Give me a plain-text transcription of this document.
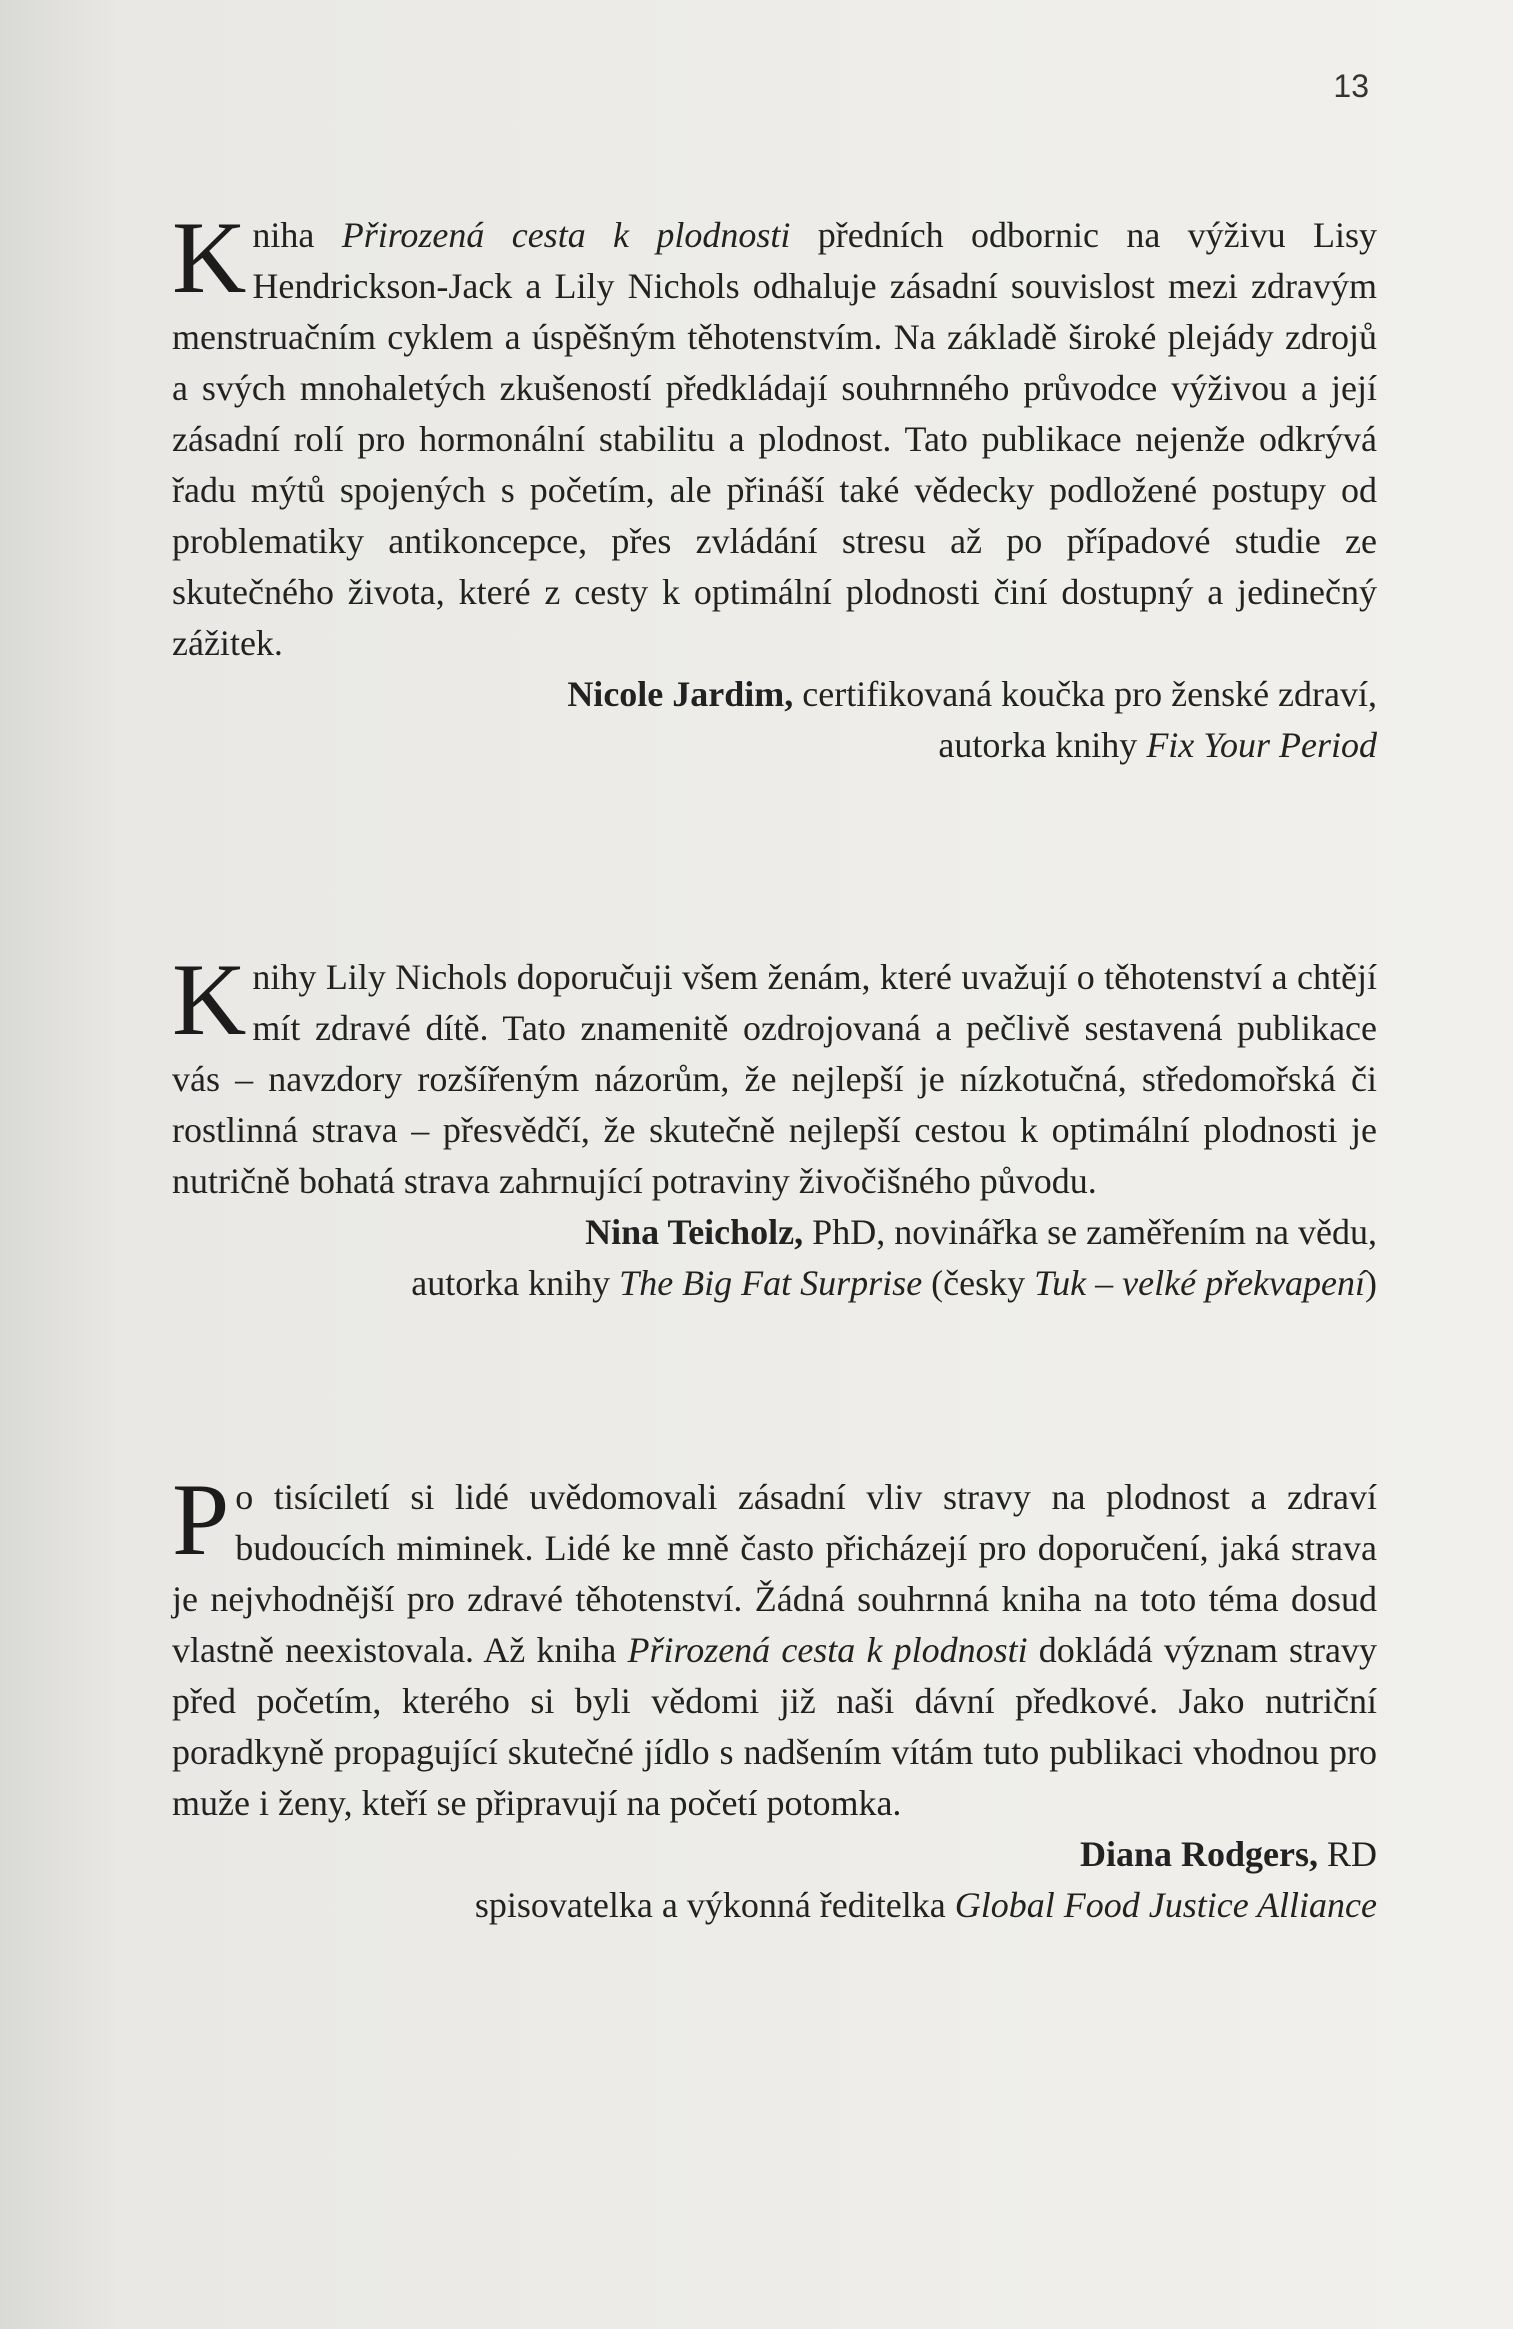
13

Kniha Přirozená cesta k plodnosti předních odbornic na výživu Lisy Hendrickson-Jack a Lily Nichols odhaluje zásadní souvislost mezi zdravým menstruačním cyklem a úspěšným těhotenstvím. Na základě široké plejády zdrojů a svých mnohaletých zkušeností předkládají souhrnného průvodce výživou a její zásadní rolí pro hormonální stabilitu a plodnost. Tato publikace nejenže odkrývá řadu mýtů spojených s početím, ale přináší také vědecky podložené postupy od problematiky antikoncepce, přes zvládání stresu až po případové studie ze skutečného života, které z cesty k optimální plodnosti činí dostupný a jedinečný zážitek.

Nicole Jardim, certifikovaná koučka pro ženské zdraví,

autorka knihy Fix Your Period

Knihy Lily Nichols doporučuji všem ženám, které uvažují o těhotenství a chtějí mít zdravé dítě. Tato znamenitě ozdrojovaná a pečlivě sestavená publikace vás – navzdory rozšířeným názorům, že nejlepší je nízkotučná, středomořská či rostlinná strava – přesvědčí, že skutečně nejlepší cestou k optimální plodnosti je nutričně bohatá strava zahrnující potraviny živočišného původu.

Nina Teicholz, PhD, novinářka se zaměřením na vědu,

autorka knihy The Big Fat Surprise (česky Tuk – velké překvapení)

Po tisíciletí si lidé uvědomovali zásadní vliv stravy na plodnost a zdraví budoucích miminek. Lidé ke mně často přicházejí pro doporučení, jaká strava je nejvhodnější pro zdravé těhotenství. Žádná souhrnná kniha na toto téma dosud vlastně neexistovala. Až kniha Přirozená cesta k plodnosti dokládá význam stravy před početím, kterého si byli vědomi již naši dávní předkové. Jako nutriční poradkyně propagující skutečné jídlo s nadšením vítám tuto publikaci vhodnou pro muže i ženy, kteří se připravují na početí potomka.

Diana Rodgers, RD

spisovatelka a výkonná ředitelka Global Food Justice Alliance
